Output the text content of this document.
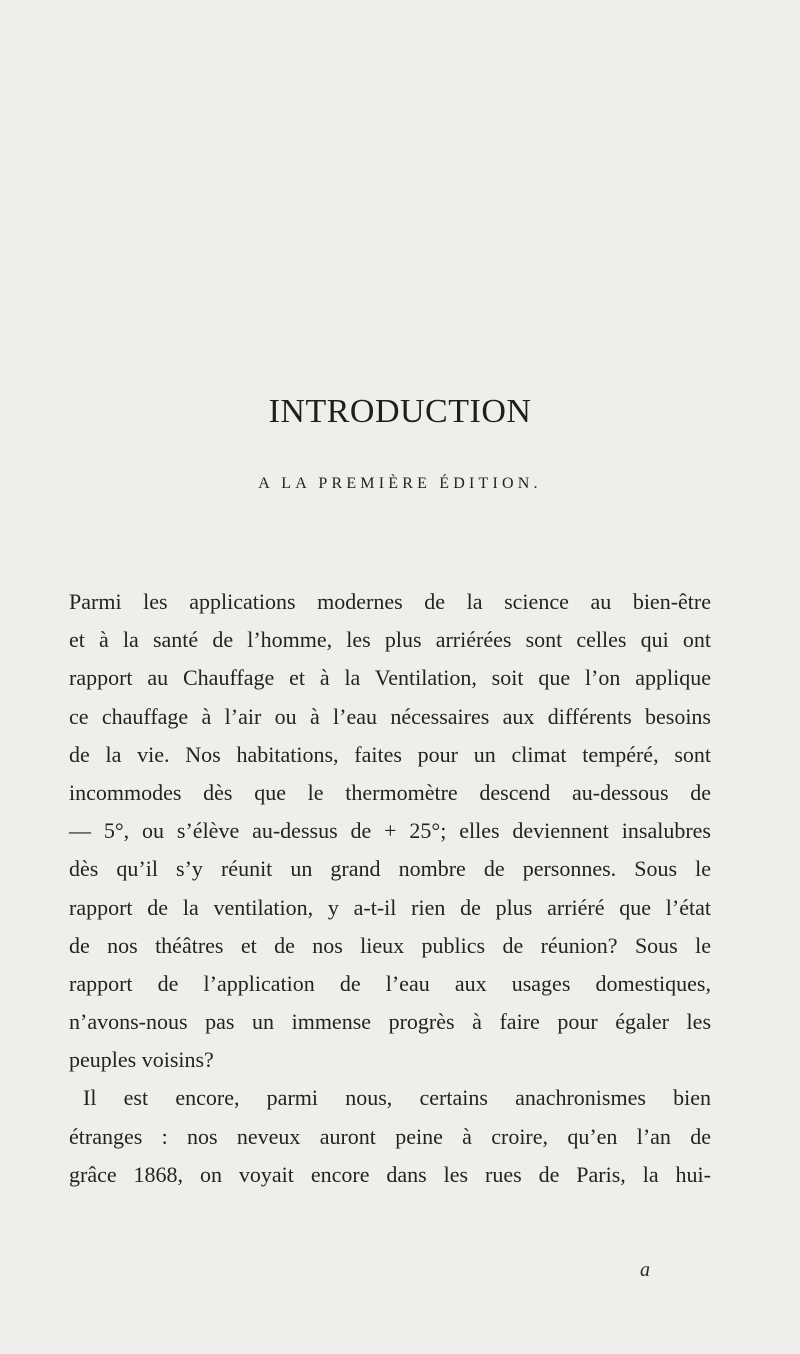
INTRODUCTION
A LA PREMIÈRE ÉDITION.
Parmi les applications modernes de la science au bien-être
et à la santé de l’homme, les plus arriérées sont celles qui ont
rapport au Chauffage et à la Ventilation, soit que l’on applique
ce chauffage à l’air ou à l’eau nécessaires aux différents besoins
de la vie. Nos habitations, faites pour un climat tempéré, sont
incommodes dès que le thermomètre descend au-dessous de
— 5°, ou s’élève au-dessus de + 25°; elles deviennent insalubres
dès qu’il s’y réunit un grand nombre de personnes. Sous le
rapport de la ventilation, y a-t-il rien de plus arriéré que l’état
de nos théâtres et de nos lieux publics de réunion? Sous le
rapport de l’application de l’eau aux usages domestiques,
n’avons-nous pas un immense progrès à faire pour égaler les
peuples voisins?
Il est encore, parmi nous, certains anachronismes bien
étranges : nos neveux auront peine à croire, qu’en l’an de
grâce 1868, on voyait encore dans les rues de Paris, la hui-
a
